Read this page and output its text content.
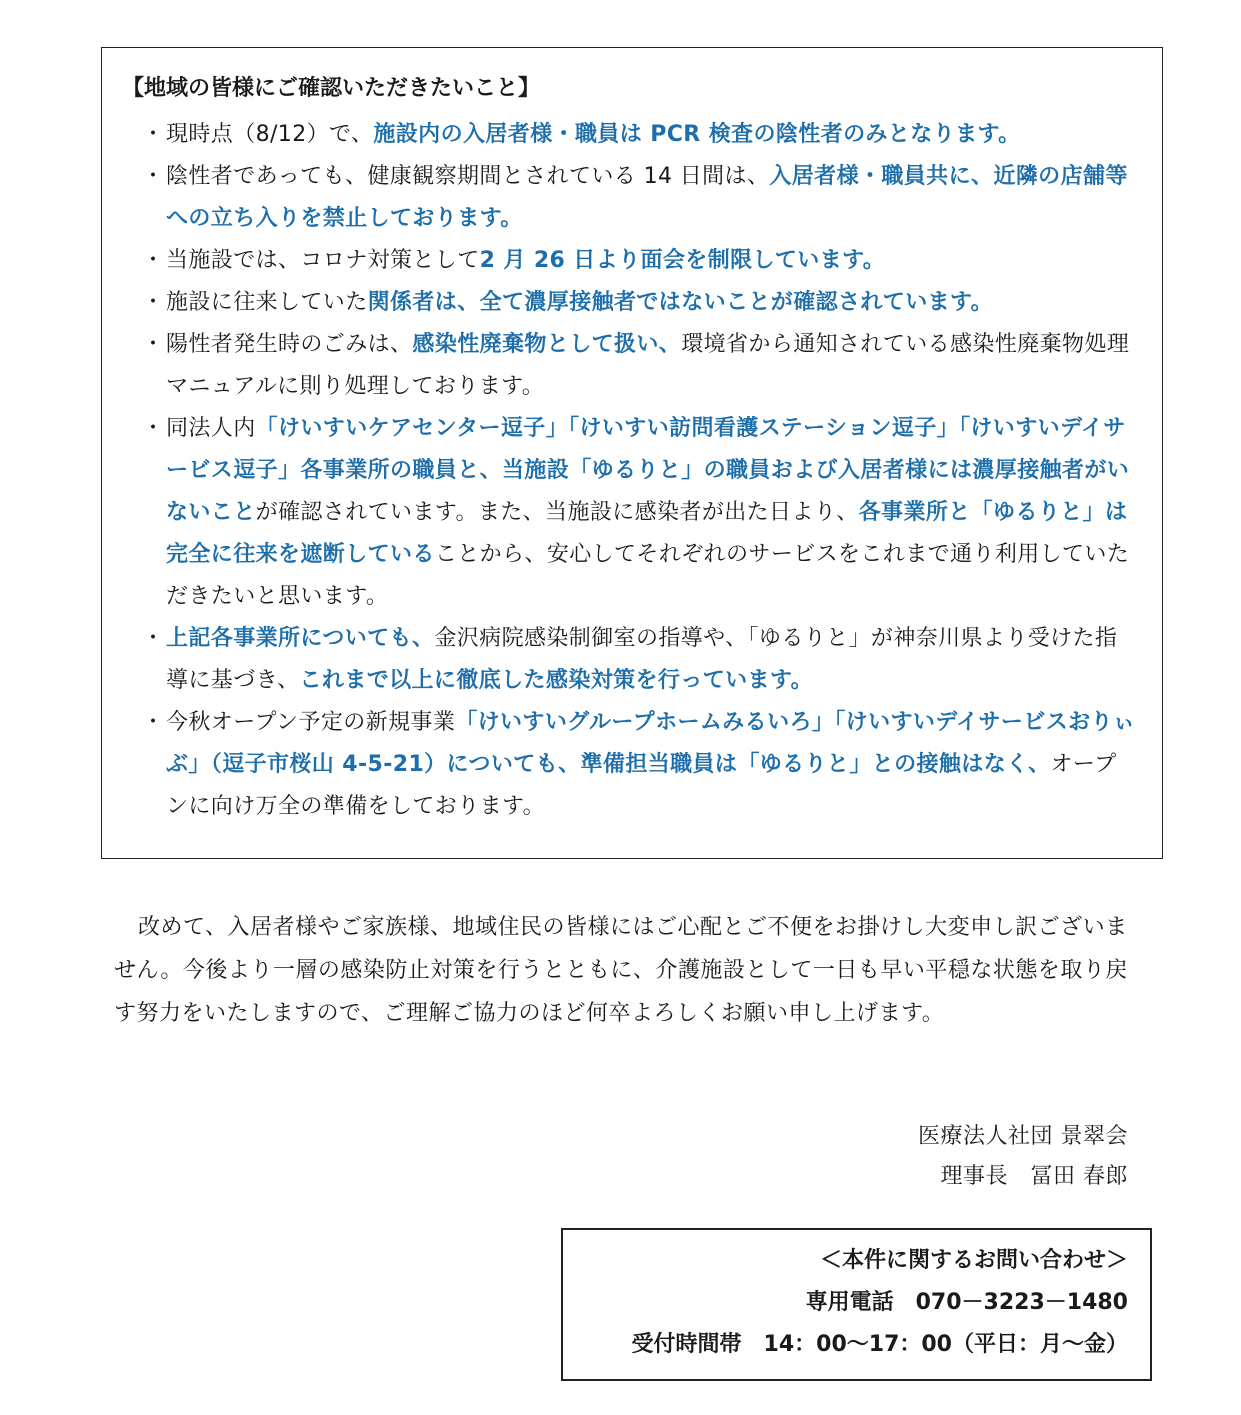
【地域の皆様にご確認いただきたいこと】

・ 現時点（8/12）で、施設内の入居者様・職員は PCR 検査の陰性者のみとなります。
・ 陰性者であっても、健康観察期間とされている 14 日間は、入居者様・職員共に、近隣の店舗等への立ち入りを禁止しております。
・ 当施設では、コロナ対策として2 月 26 日より面会を制限しています。
・ 施設に往来していた関係者は、全て濃厚接触者ではないことが確認されています。
・ 陽性者発生時のごみは、感染性廃棄物として扱い、環境省から通知されている感染性廃棄物処理マニュアルに則り処理しております。
・ 同法人内「けいすいケアセンター逗子」「けいすい訪問看護ステーション逗子」「けいすいデイサービス逗子」各事業所の職員と、当施設「ゆるりと」の職員および入居者様には濃厚接触者がいないことが確認されています。また、当施設に感染者が出た日より、各事業所と「ゆるりと」は完全に往来を遮断していることから、安心してそれぞれのサービスをこれまで通り利用していただきたいと思います。
・ 上記各事業所についても、金沢病院感染制御室の指導や、「ゆるりと」が神奈川県より受けた指導に基づき、これまで以上に徹底した感染対策を行っています。
・ 今秋オープン予定の新規事業「けいすいグループホームみるいろ」「けいすいデイサービスおりぃぶ」（逗子市桜山 4-5-21）についても、準備担当職員は「ゆるりと」との接触はなく、オープンに向け万全の準備をしております。

改めて、入居者様やご家族様、地域住民の皆様にはご心配とご不便をお掛けし大変申し訳ございません。今後より一層の感染防止対策を行うとともに、介護施設として一日も早い平穏な状態を取り戻す努力をいたしますので、ご理解ご協力のほど何卒よろしくお願い申し上げます。

医療法人社団 景翠会
理事長　冨田 春郎
＜本件に関するお問い合わせ＞
専用電話　070－3223－1480
受付時間帯　14：00～17：00（平日：月～金）
